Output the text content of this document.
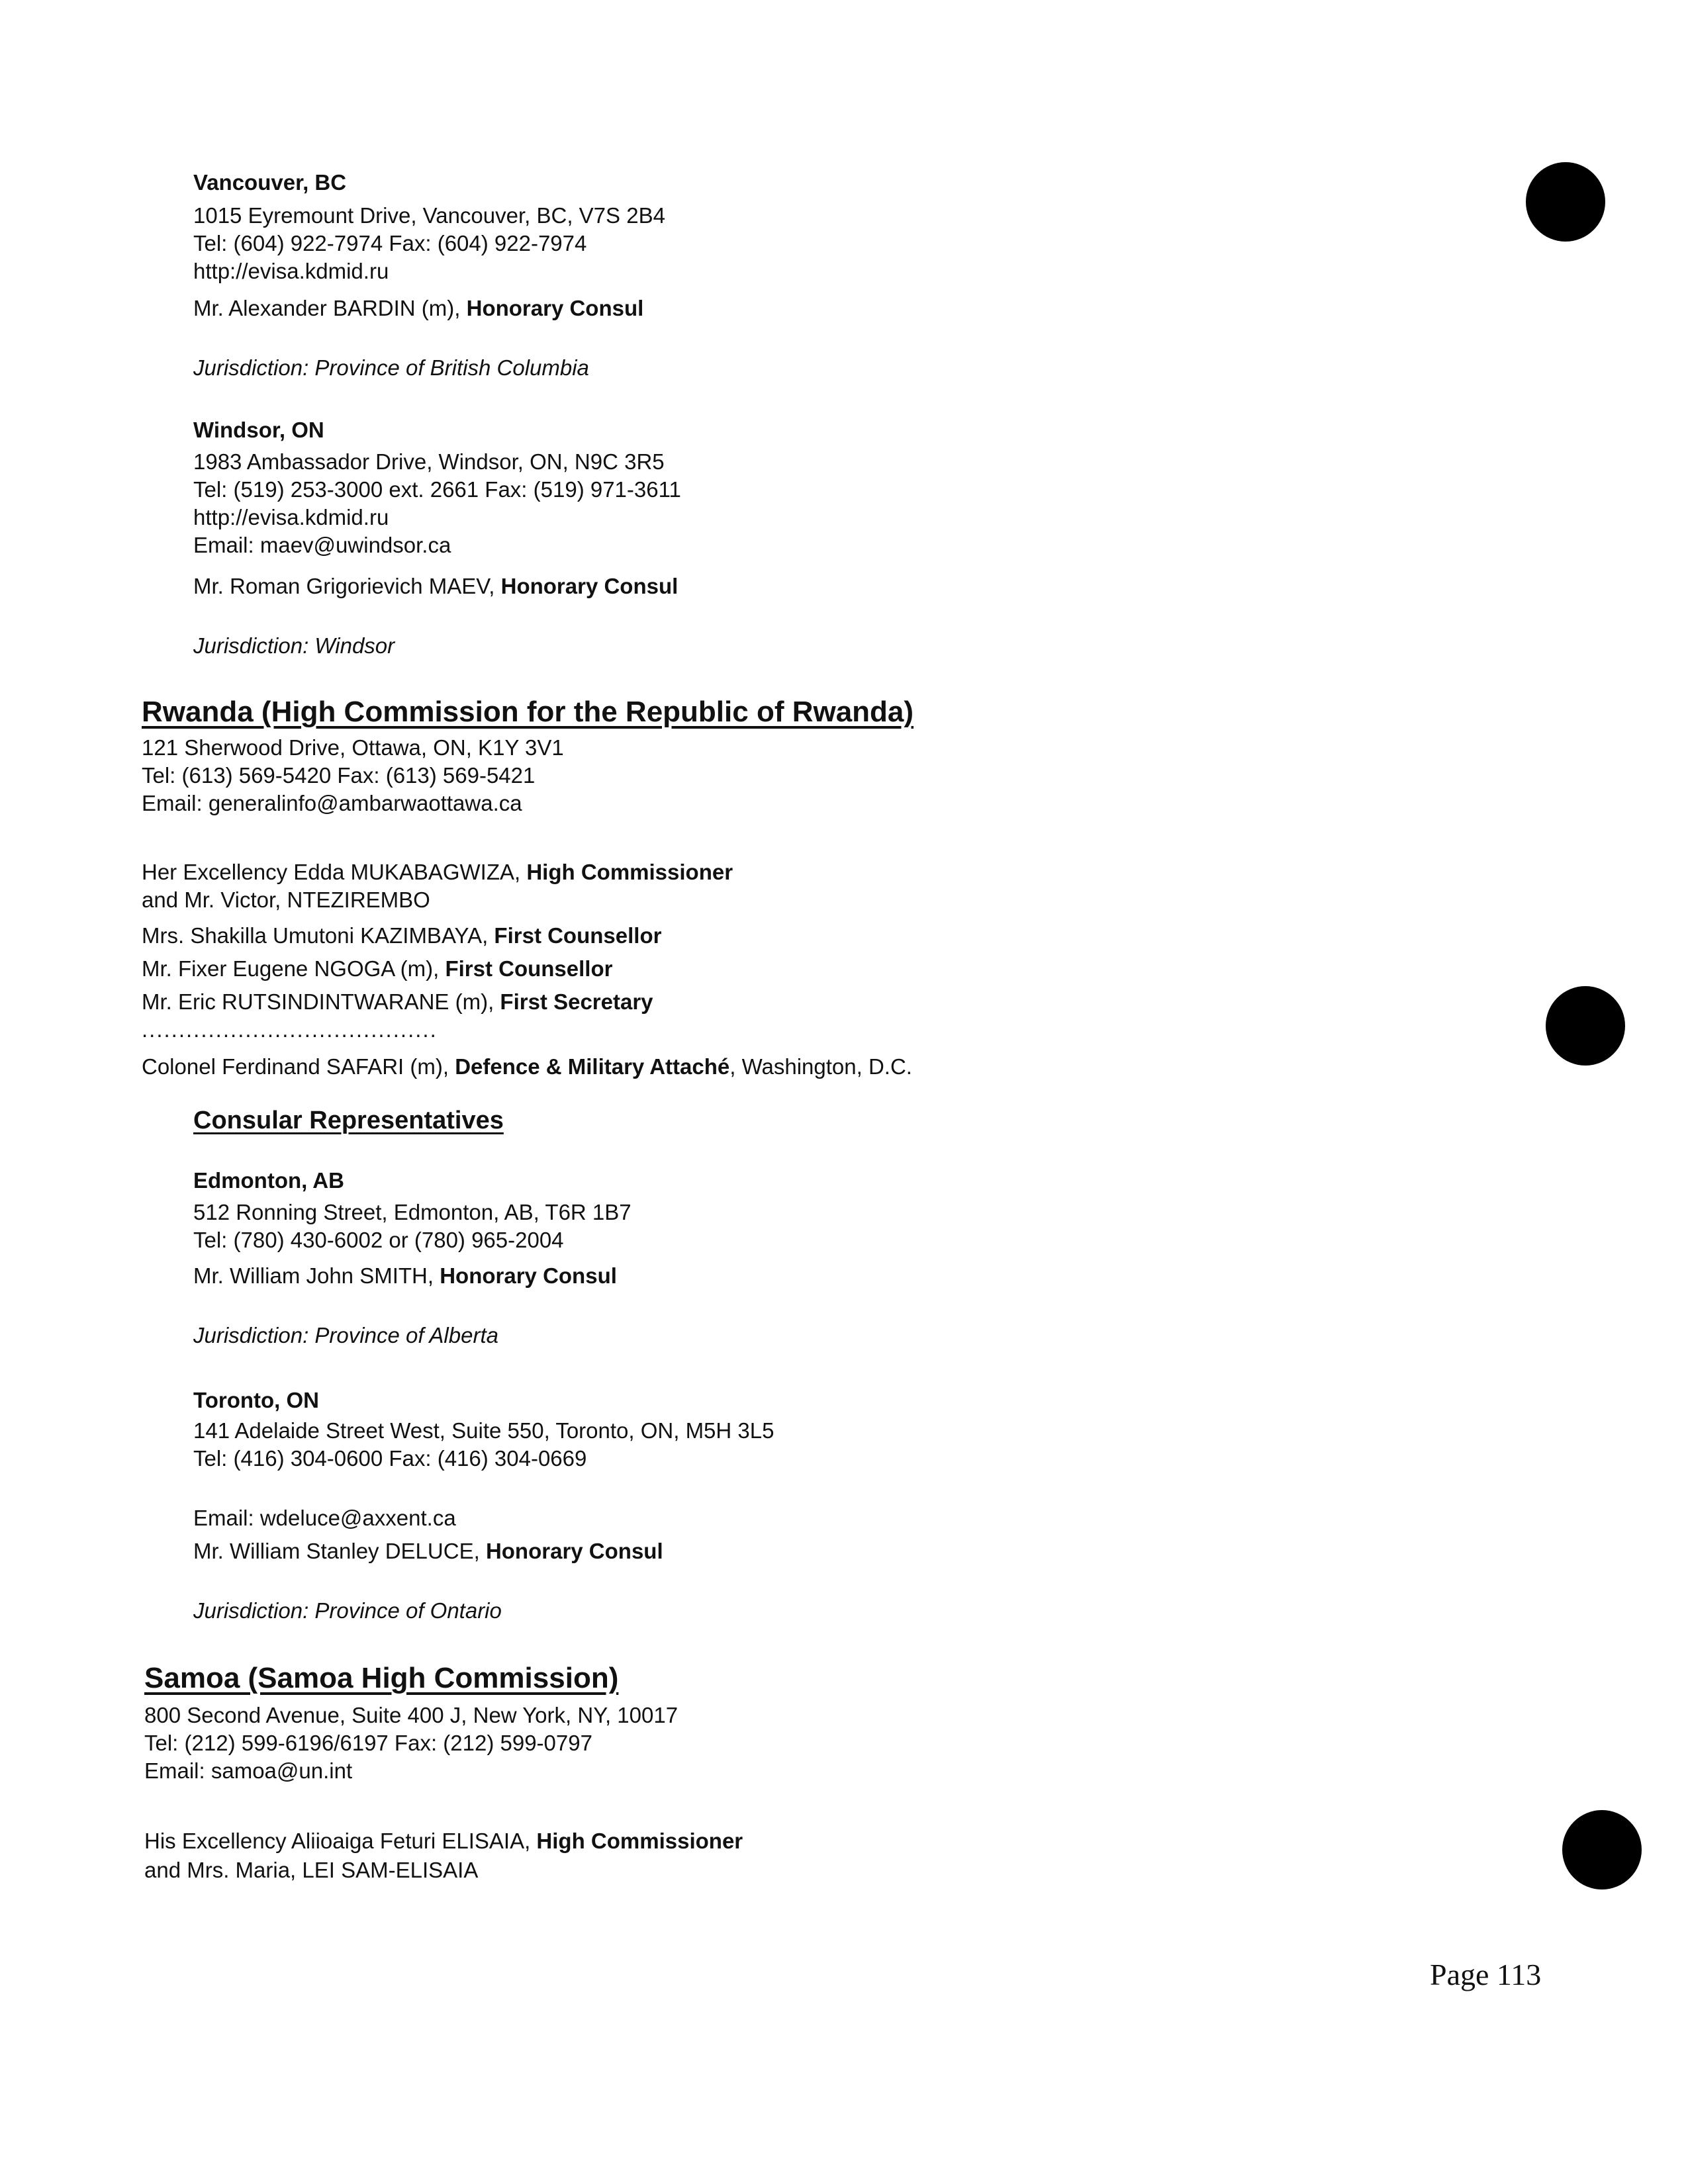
Vancouver, BC
1015 Eyremount Drive, Vancouver, BC, V7S 2B4
Tel: (604) 922-7974 Fax: (604) 922-7974
http://evisa.kdmid.ru
Mr. Alexander BARDIN (m), Honorary Consul
Jurisdiction: Province of British Columbia
Windsor, ON
1983 Ambassador Drive, Windsor, ON, N9C 3R5
Tel: (519) 253-3000 ext. 2661 Fax: (519) 971-3611
http://evisa.kdmid.ru
Email: maev@uwindsor.ca
Mr. Roman Grigorievich MAEV, Honorary Consul
Jurisdiction: Windsor
Rwanda (High Commission for the Republic of Rwanda)
121 Sherwood Drive, Ottawa, ON, K1Y 3V1
Tel: (613) 569-5420 Fax: (613) 569-5421
Email: generalinfo@ambarwaottawa.ca
Her Excellency Edda MUKABAGWIZA, High Commissioner
and Mr. Victor, NTEZIREMBO
Mrs. Shakilla Umutoni KAZIMBAYA, First Counsellor
Mr. Fixer Eugene NGOGA (m), First Counsellor
Mr. Eric RUTSINDINTWARANE (m), First Secretary
........................................
Colonel Ferdinand SAFARI (m), Defence & Military Attaché, Washington, D.C.
Consular Representatives
Edmonton, AB
512 Ronning Street, Edmonton, AB, T6R 1B7
Tel: (780) 430-6002 or (780) 965-2004
Mr. William John SMITH, Honorary Consul
Jurisdiction: Province of Alberta
Toronto, ON
141 Adelaide Street West, Suite 550, Toronto, ON, M5H 3L5
Tel: (416) 304-0600 Fax: (416) 304-0669
Email: wdeluce@axxent.ca
Mr. William Stanley DELUCE, Honorary Consul
Jurisdiction: Province of Ontario
Samoa (Samoa High Commission)
800 Second Avenue, Suite 400 J, New York, NY, 10017
Tel: (212) 599-6196/6197 Fax: (212) 599-0797
Email: samoa@un.int
His Excellency Aliioaiga Feturi ELISAIA, High Commissioner
and Mrs. Maria, LEI SAM-ELISAIA
Page 113
